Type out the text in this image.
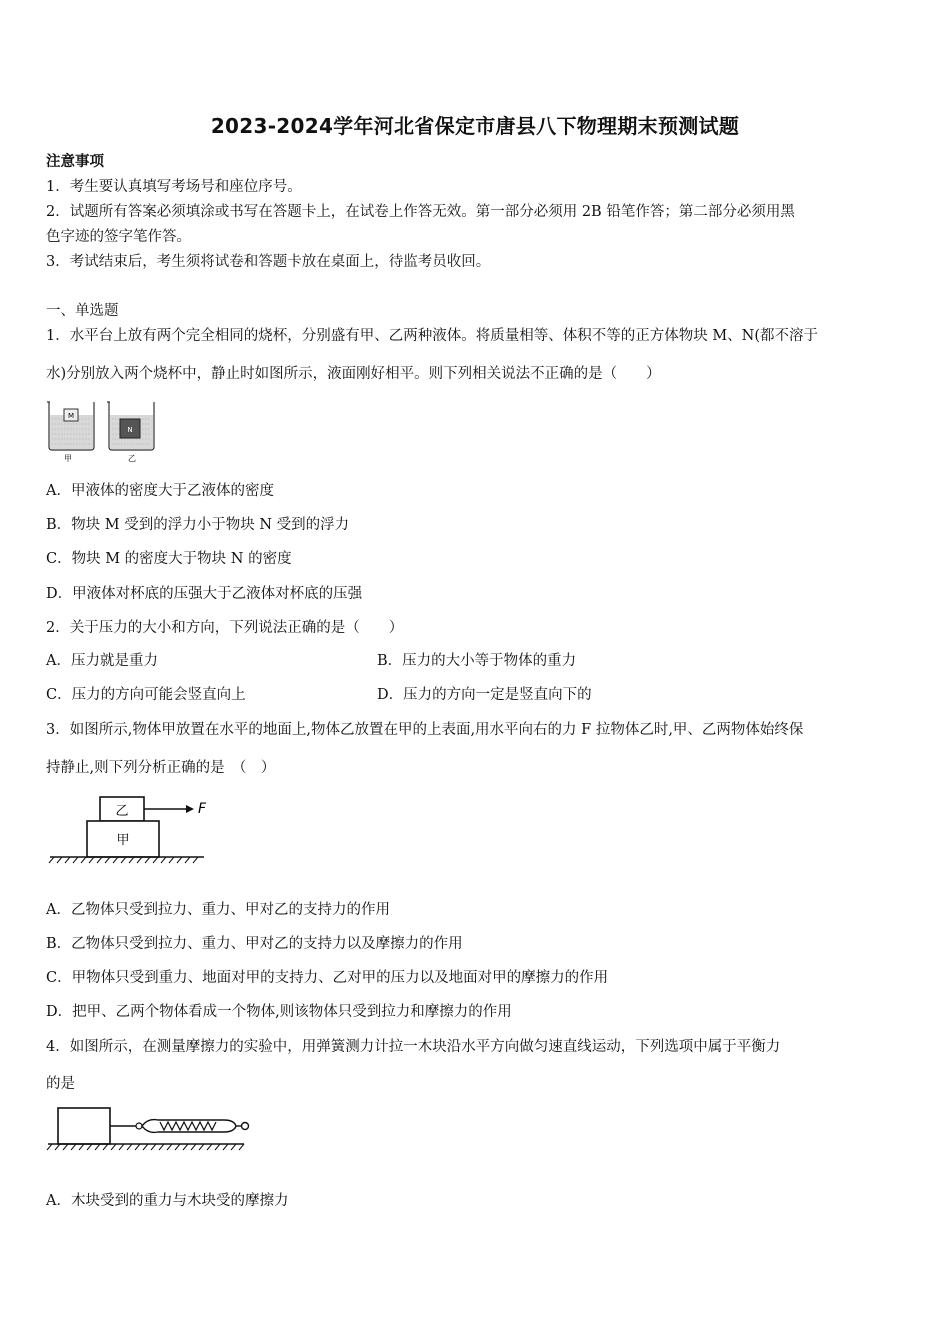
2023-2024学年河北省保定市唐县八下物理期末预测试题
注意事项
1．考生要认真填写考场号和座位序号。
2．试题所有答案必须填涂或书写在答题卡上，在试卷上作答无效。第一部分必须用 2B 铅笔作答；第二部分必须用黑
色字迹的签字笔作答。
3．考试结束后，考生须将试卷和答题卡放在桌面上，待监考员收回。
一、单选题
1．水平台上放有两个完全相同的烧杯，分别盛有甲、乙两种液体。将质量相等、体积不等的正方体物块 M、N(都不溶于
水)分别放入两个烧杯中，静止时如图所示，液面刚好相平。则下列相关说法不正确的是（　　）
M
N
甲	乙
A．甲液体的密度大于乙液体的密度
B．物块 M 受到的浮力小于物块 N 受到的浮力
C．物块 M 的密度大于物块 N 的密度
D．甲液体对杯底的压强大于乙液体对杯底的压强
2．关于压力的大小和方向，下列说法正确的是（　　）
A．压力就是重力	B．压力的大小等于物体的重力
C．压力的方向可能会竖直向上	D．压力的方向一定是竖直向下的
3．如图所示,物体甲放置在水平的地面上,物体乙放置在甲的上表面,用水平向右的力 F 拉物体乙时,甲、乙两物体始终保
持静止,则下列分析正确的是　（　）
乙
甲
F
A．乙物体只受到拉力、重力、甲对乙的支持力的作用
B．乙物体只受到拉力、重力、甲对乙的支持力以及摩擦力的作用
C．甲物体只受到重力、地面对甲的支持力、乙对甲的压力以及地面对甲的摩擦力的作用
D．把甲、乙两个物体看成一个物体,则该物体只受到拉力和摩擦力的作用
4．如图所示，在测量摩擦力的实验中，用弹簧测力计拉一木块沿水平方向做匀速直线运动，下列选项中属于平衡力
的是
A．木块受到的重力与木块受的摩擦力
